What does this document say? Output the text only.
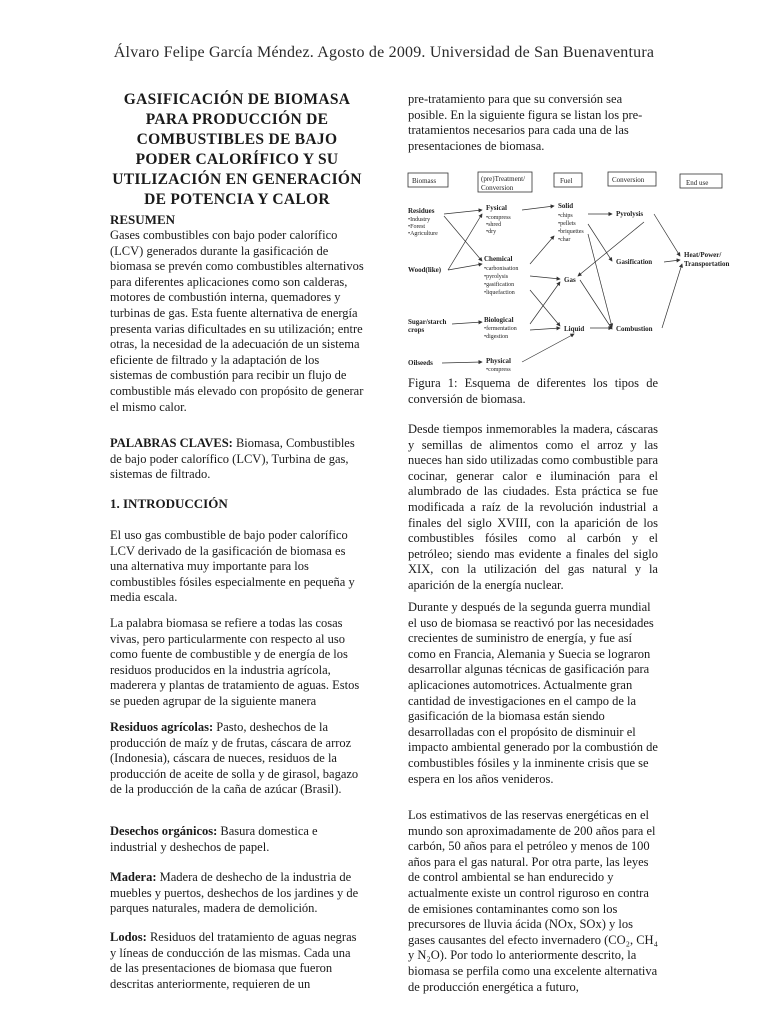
Álvaro Felipe García Méndez. Agosto de 2009. Universidad de San Buenaventura
GASIFICACIÓN DE BIOMASA
PARA PRODUCCIÓN DE
COMBUSTIBLES DE BAJO
PODER CALORÍFICO Y SU
UTILIZACIÓN EN GENERACIÓN
DE POTENCIA Y CALOR

RESUMEN

Gases combustibles con bajo poder calorífico (LCV) generados durante la gasificación de biomasa se prevén como combustibles alternativos para diferentes aplicaciones como son calderas, motores de combustión interna, quemadores y turbinas de gas. Esta fuente alternativa de energía presenta varias dificultades en su utilización; entre otras, la necesidad de la adecuación de un sistema eficiente de filtrado y la adaptación de los sistemas de combustión para recibir un flujo de combustible más elevado con propósito de generar el mismo calor.

PALABRAS CLAVES: Biomasa, Combustibles de bajo poder calorífico (LCV), Turbina de gas, sistemas de filtrado.

1. INTRODUCCIÓN

El uso gas combustible de bajo poder calorífico LCV derivado de la gasificación de biomasa es una alternativa muy importante para los combustibles fósiles especialmente en pequeña y media escala.

La palabra biomasa se refiere a todas las cosas vivas, pero particularmente con respecto al uso como fuente de combustible y de energía de los residuos producidos en la industria agrícola, maderera y plantas de tratamiento de aguas. Estos se pueden agrupar de la siguiente manera

Residuos agrícolas: Pasto, deshechos de la producción de maíz y de frutas, cáscara de arroz (Indonesia), cáscara de nueces, residuos de la producción de aceite de solla y de girasol, bagazo de la producción de la caña de azúcar (Brasil).

Desechos orgánicos: Basura domestica e industrial y deshechos de papel.

Madera: Madera de deshecho de la industria de muebles y puertos, deshechos de los jardines y de parques naturales, madera de demolición.

Lodos: Residuos del tratamiento de aguas negras y líneas de conducción de las mismas. Cada una de las presentaciones de biomasa que fueron descritas anteriormente, requieren de un

pre-tratamiento para que su conversión sea posible. En la siguiente figura se listan los pre-tratamientos necesarios para cada una de las presentaciones de biomasa.

Figura 1: Esquema de diferentes los tipos de conversión de biomasa.

Desde tiempos inmemorables la madera, cáscaras y semillas de alimentos como el arroz y las nueces han sido utilizadas como combustible para cocinar, generar calor e iluminación para el alumbrado de las ciudades. Esta práctica se fue modificada a raíz de la revolución industrial a finales del siglo XVIII, con la aparición de los combustibles fósiles como al carbón y el petróleo; siendo mas evidente a finales del siglo XIX, con la utilización del gas natural y la aparición de la energía nuclear.

Durante y después de la segunda guerra mundial el uso de biomasa se reactivó por las necesidades crecientes de suministro de energía, y fue así como en Francia, Alemania y Suecia se lograron desarrollar algunas técnicas de gasificación para aplicaciones automotrices. Actualmente gran cantidad de investigaciones en el campo de la gasificación de la biomasa están siendo desarrolladas con el propósito de disminuir el impacto ambiental generado por la combustión de combustibles fósiles y la inminente crisis que se espera en los años venideros.

Los estimativos de las reservas energéticas en el mundo son aproximadamente de 200 años para el carbón, 50 años para el petróleo y menos de 100 años para el gas natural. Por otra parte, las leyes de control ambiental se han endurecido y actualmente existe un control riguroso en contra de emisiones contaminantes como son los precursores de lluvia ácida (NOx, SOx) y los gases causantes del efecto invernadero (CO₂, CH₄ y N₂O). Por todo lo anteriormente descrito, la biomasa se perfila como una excelente alternativa de producción energética a futuro,

Biomass	(pre)Treatment/
Conversion
Fuel	Conversion	End use
Residues
•Industry
•Forest
•Agriculture
Wood(like)
Sugar/starch
crops
Oilseeds
Fysical
•compress
•shred
•dry
Chemical
•carbonisation
•pyrolysis
•gasification
•liquefaction
Biological
•fermentation
•digestion
Physical
•compress
Solid
•chips
•pellets
•briquettes
•char
Gas
Liquid
Pyrolysis
Gasification
Combustion
Heat/Power/
Transportation
